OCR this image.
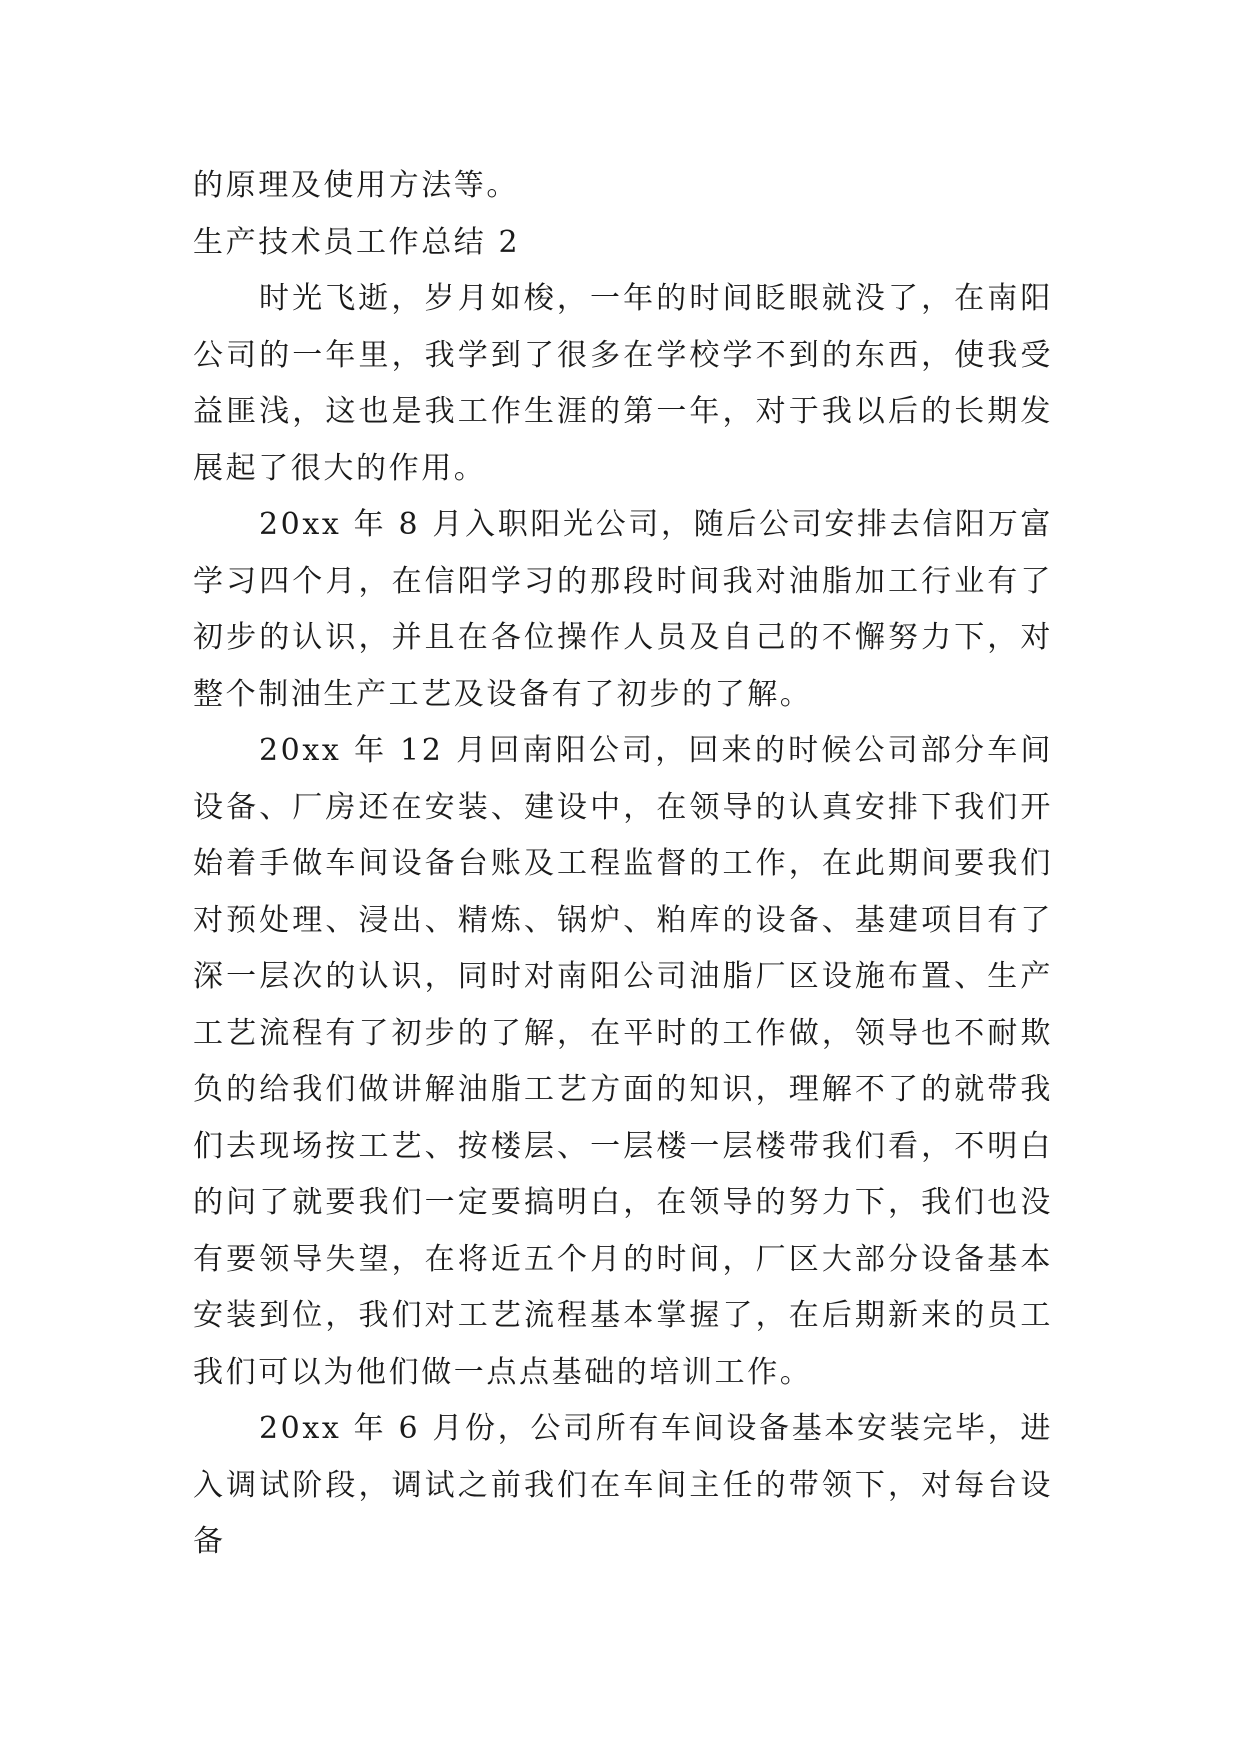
的原理及使用方法等。

生产技术员工作总结 2

时光飞逝，岁月如梭，一年的时间眨眼就没了，在南阳公司的一年里，我学到了很多在学校学不到的东西，使我受益匪浅，这也是我工作生涯的第一年，对于我以后的长期发展起了很大的作用。

20xx 年 8 月入职阳光公司，随后公司安排去信阳万富学习四个月，在信阳学习的那段时间我对油脂加工行业有了初步的认识，并且在各位操作人员及自己的不懈努力下，对整个制油生产工艺及设备有了初步的了解。

20xx 年 12 月回南阳公司，回来的时候公司部分车间设备、厂房还在安装、建设中，在领导的认真安排下我们开始着手做车间设备台账及工程监督的工作，在此期间要我们对预处理、浸出、精炼、锅炉、粕库的设备、基建项目有了深一层次的认识，同时对南阳公司油脂厂区设施布置、生产工艺流程有了初步的了解，在平时的工作做，领导也不耐欺负的给我们做讲解油脂工艺方面的知识，理解不了的就带我们去现场按工艺、按楼层、一层楼一层楼带我们看，不明白的问了就要我们一定要搞明白，在领导的努力下，我们也没有要领导失望，在将近五个月的时间，厂区大部分设备基本安装到位，我们对工艺流程基本掌握了，在后期新来的员工我们可以为他们做一点点基础的培训工作。

20xx 年 6 月份，公司所有车间设备基本安装完毕，进入调试阶段，调试之前我们在车间主任的带领下，对每台设备
